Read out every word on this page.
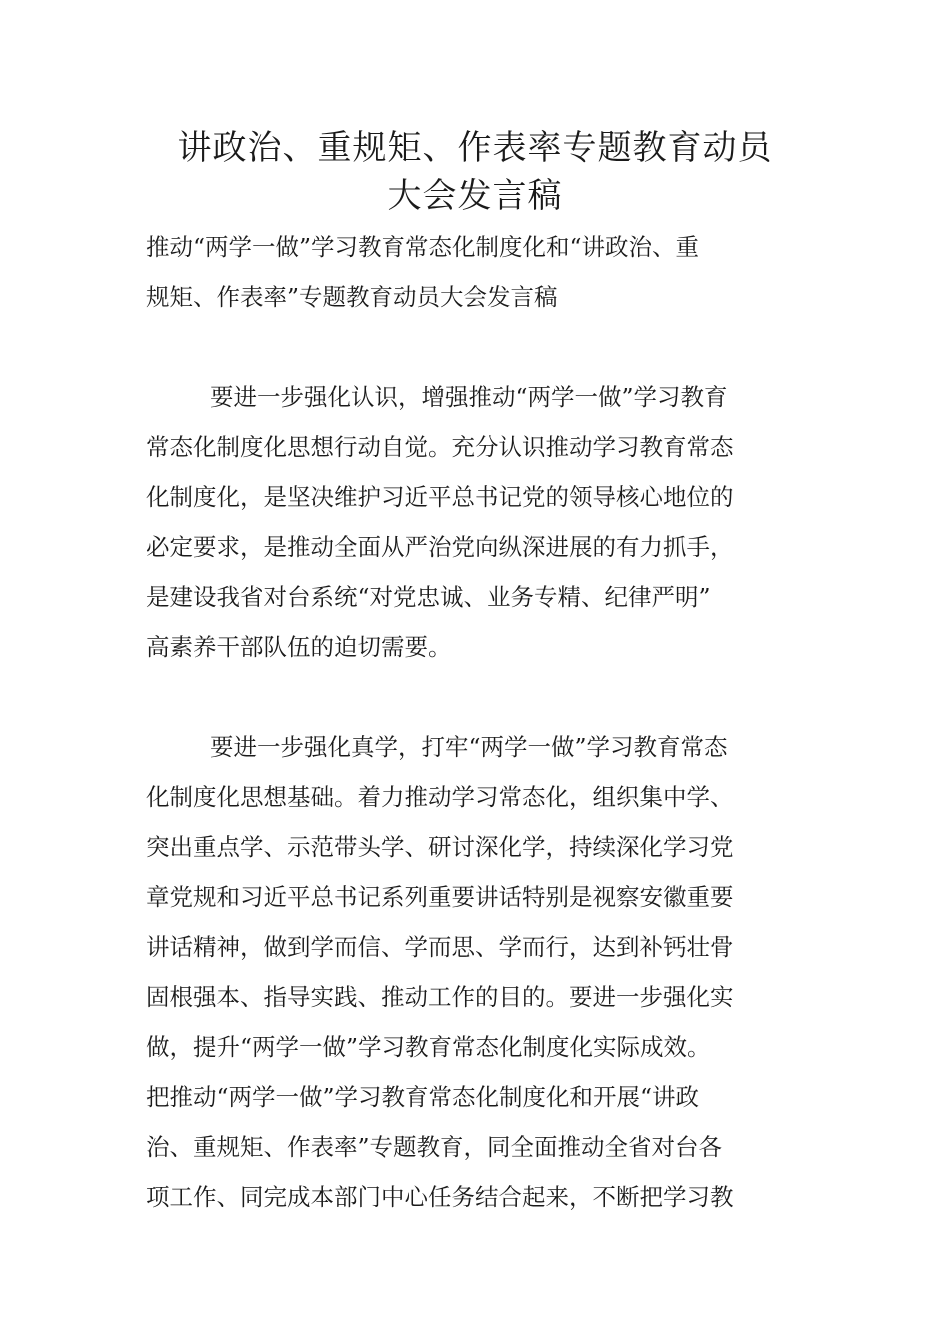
讲政治、重规矩、作表率专题教育动员
大会发言稿
推动“两学一做”学习教育常态化制度化和“讲政治、重
规矩、作表率”专题教育动员大会发言稿
要进一步强化认识，增强推动“两学一做”学习教育
常态化制度化思想行动自觉。充分认识推动学习教育常态
化制度化，是坚决维护习近平总书记党的领导核心地位的
必定要求，是推动全面从严治党向纵深进展的有力抓手，
是建设我省对台系统“对党忠诚、业务专精、纪律严明”
高素养干部队伍的迫切需要。
要进一步强化真学，打牢“两学一做”学习教育常态
化制度化思想基础。着力推动学习常态化，组织集中学、
突出重点学、示范带头学、研讨深化学，持续深化学习党
章党规和习近平总书记系列重要讲话特别是视察安徽重要
讲话精神，做到学而信、学而思、学而行，达到补钙壮骨
固根强本、指导实践、推动工作的目的。要进一步强化实
做，提升“两学一做”学习教育常态化制度化实际成效。
把推动“两学一做”学习教育常态化制度化和开展“讲政
治、重规矩、作表率”专题教育，同全面推动全省对台各
项工作、同完成本部门中心任务结合起来，不断把学习教
